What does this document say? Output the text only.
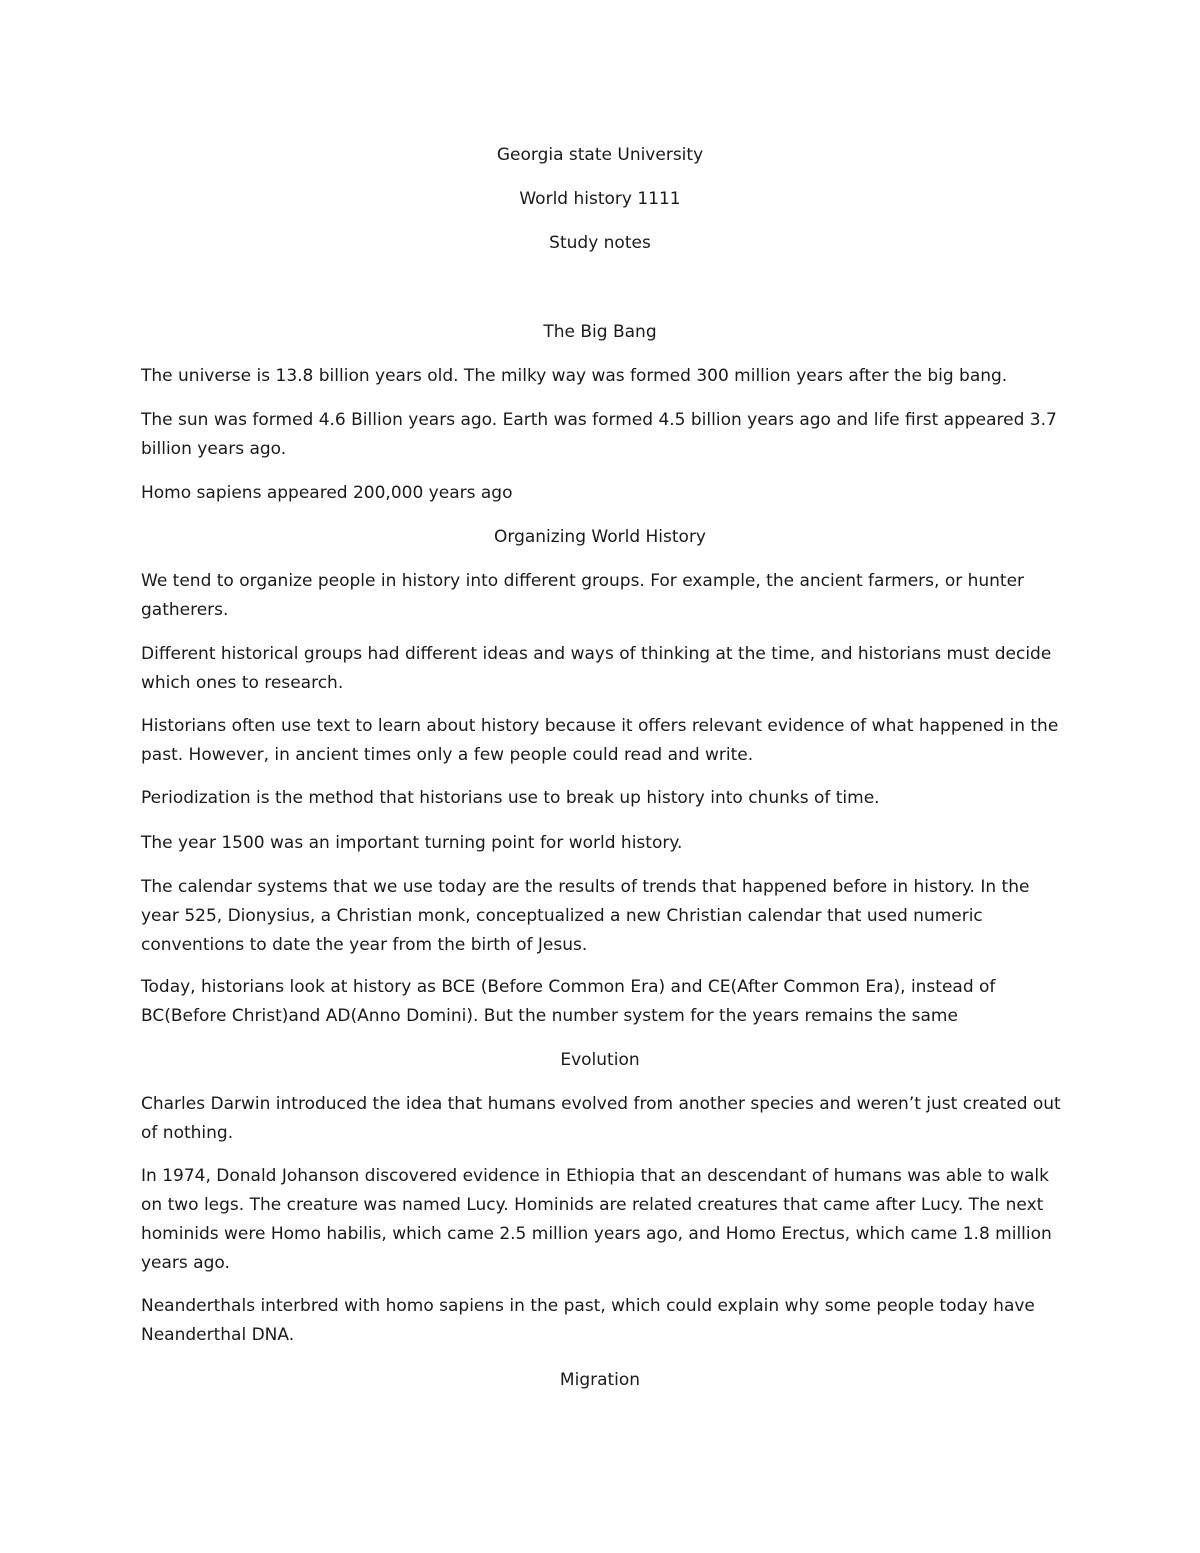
Georgia state University
World history 1111
Study notes
The Big Bang

The universe is 13.8 billion years old. The milky way was formed 300 million years after the big bang.

The sun was formed 4.6 Billion years ago. Earth was formed 4.5 billion years ago and life first appeared 3.7 billion years ago.

Homo sapiens appeared 200,000 years ago

Organizing World History

We tend to organize people in history into different groups. For example, the ancient farmers, or hunter gatherers.

Different historical groups had different ideas and ways of thinking at the time, and historians must decide which ones to research.

Historians often use text to learn about history because it offers relevant evidence of what happened in the past. However, in ancient times only a few people could read and write.

Periodization is the method that historians use to break up history into chunks of time.

The year 1500 was an important turning point for world history.

The calendar systems that we use today are the results of trends that happened before in history. In the year 525, Dionysius, a Christian monk, conceptualized a new Christian calendar that used numeric conventions to date the year from the birth of Jesus.

Today, historians look at history as BCE (Before Common Era) and CE(After Common Era), instead of BC(Before Christ)and AD(Anno Domini). But the number system for the years remains the same

Evolution

Charles Darwin introduced the idea that humans evolved from another species and weren’t just created out of nothing.

In 1974, Donald Johanson discovered evidence in Ethiopia that an descendant of humans was able to walk on two legs. The creature was named Lucy. Hominids are related creatures that came after Lucy. The next hominids were Homo habilis, which came 2.5 million years ago, and Homo Erectus, which came 1.8 million years ago.

Neanderthals interbred with homo sapiens in the past, which could explain why some people today have Neanderthal DNA.

Migration
